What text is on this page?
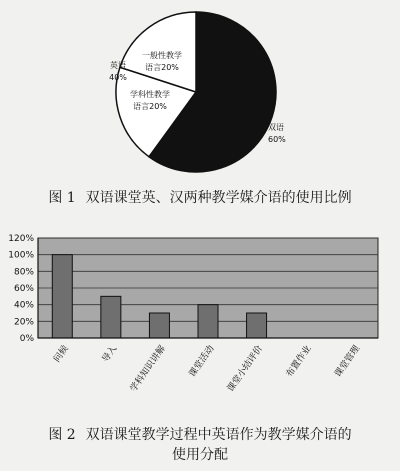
双语
60%
英语
40%
一般性教学
语言20%
学科性教学
语言20%
图 1 双语课堂英、汉两种教学媒介语的使用比例
0%
20%
40%
60%
80%
100%
120%
问候	导入 学科知识讲解 课堂活动 课堂小结评价 布置作业 课堂管理
图 2 双语课堂教学过程中英语作为教学媒介语的
使用分配
